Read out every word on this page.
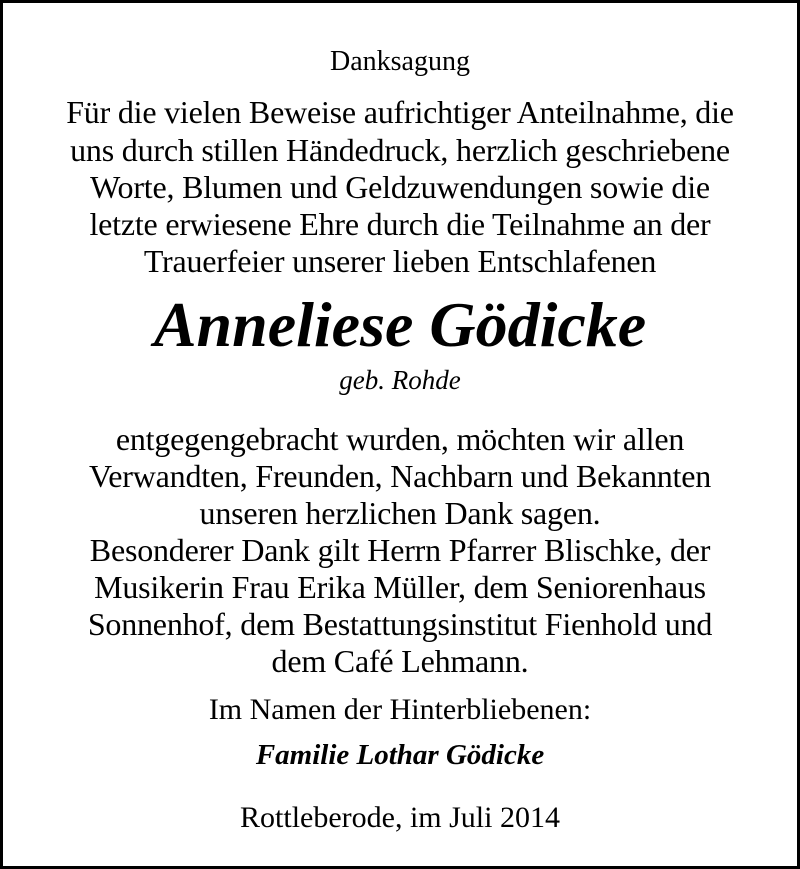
Danksagung
Für die vielen Beweise aufrichtiger Anteilnahme, die
uns durch stillen Händedruck, herzlich geschriebene
Worte, Blumen und Geldzuwendungen sowie die
letzte erwiesene Ehre durch die Teilnahme an der
Trauerfeier unserer lieben Entschlafenen
Anneliese Gödicke
geb. Rohde
entgegengebracht wurden, möchten wir allen
Verwandten, Freunden, Nachbarn und Bekannten
unseren herzlichen Dank sagen.
Besonderer Dank gilt Herrn Pfarrer Blischke, der
Musikerin Frau Erika Müller, dem Seniorenhaus
Sonnenhof, dem Bestattungsinstitut Fienhold und
dem Café Lehmann.
Im Namen der Hinterbliebenen:
Familie Lothar Gödicke
Rottleberode, im Juli 2014
